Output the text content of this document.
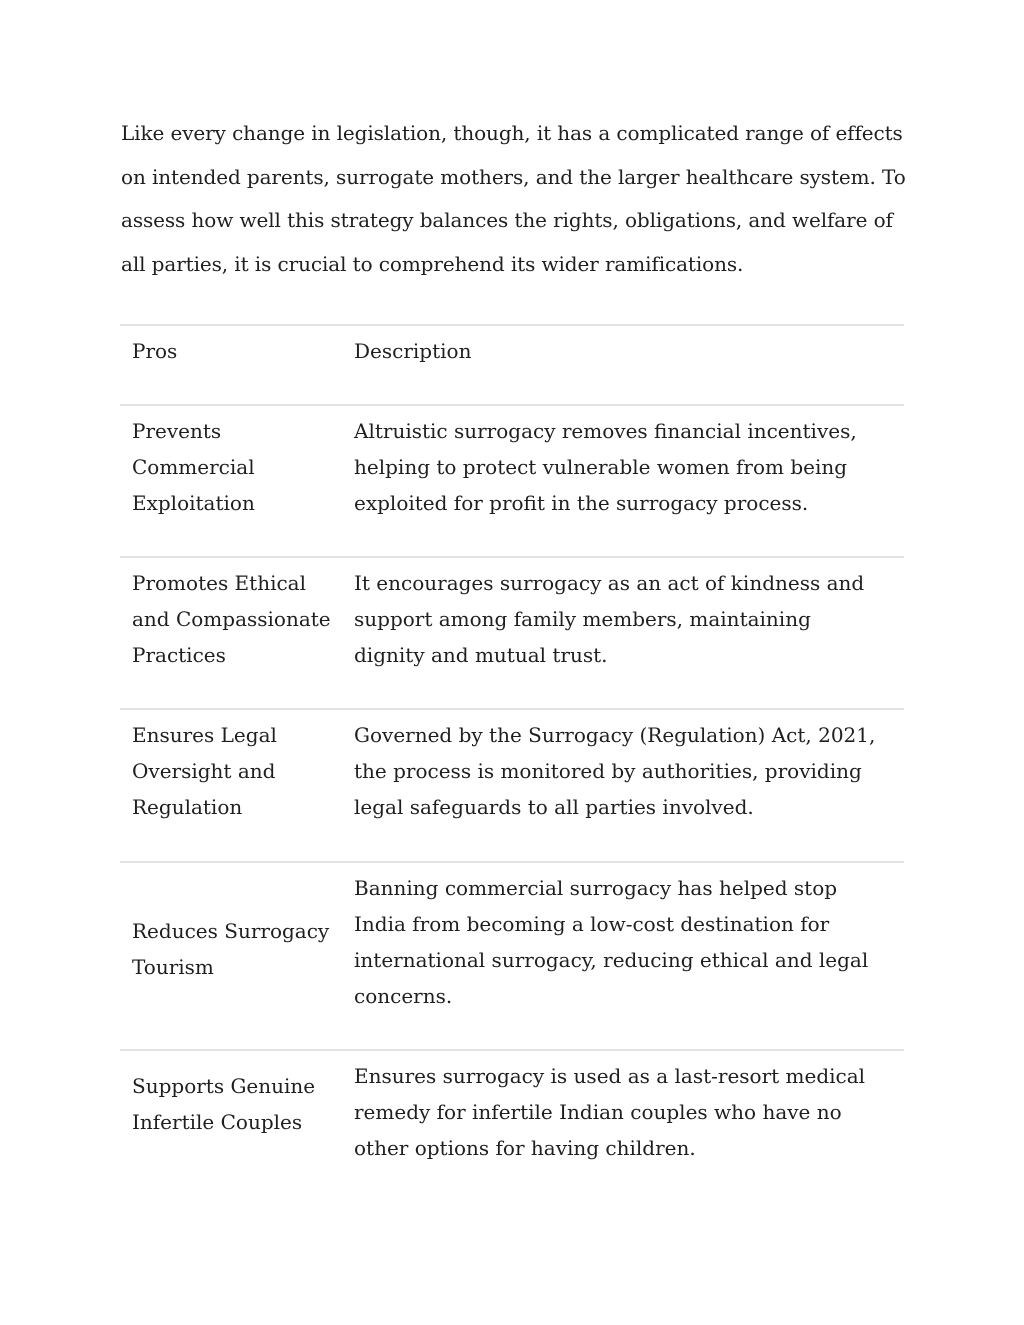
Like every change in legislation, though, it has a complicated range of effects on intended parents, surrogate mothers, and the larger healthcare system. To assess how well this strategy balances the rights, obligations, and welfare of all parties, it is crucial to comprehend its wider ramifications.

Pros	Description
Prevents Commercial Exploitation	Altruistic surrogacy removes financial incentives, helping to protect vulnerable women from being exploited for profit in the surrogacy process.
Promotes Ethical and Compassionate Practices	It encourages surrogacy as an act of kindness and support among family members, maintaining dignity and mutual trust.
Ensures Legal Oversight and Regulation	Governed by the Surrogacy (Regulation) Act, 2021, the process is monitored by authorities, providing legal safeguards to all parties involved.
Reduces Surrogacy Tourism	Banning commercial surrogacy has helped stop India from becoming a low-cost destination for international surrogacy, reducing ethical and legal concerns.
Supports Genuine Infertile Couples	Ensures surrogacy is used as a last-resort medical remedy for infertile Indian couples who have no other options for having children.
